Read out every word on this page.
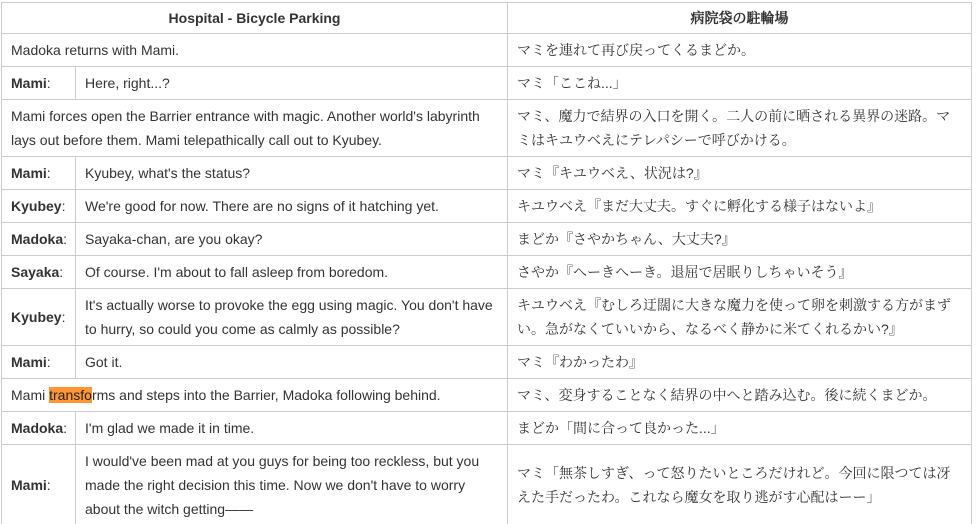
Hospital - Bicycle Parking		病院袋の駐輪場
Madoka returns with Mami.		マミを連れて再び戻ってくるまどか。
Mami:	Here, right...?	マミ「ここね...」
Mami forces open the Barrier entrance with magic. Another world's labyrinth lays out before them. Mami telepathically call out to Kyubey.		マミ、魔力で結界の入口を開く。二人の前に晒される異界の迷路。マミはキユウベえにテレパシーで呼びかける。
Mami:	Kyubey, what's the status?	マミ『キユウベえ、状況は?』
Kyubey:	We're good for now. There are no signs of it hatching yet.	キユウベえ『まだ大丈夫。すぐに孵化する様子はないよ』
Madoka:	Sayaka-chan, are you okay?	まどか『さやかちゃん、大丈夫?』
Sayaka:	Of course. I'm about to fall asleep from boredom.	さやか『へーきへーき。退屈で居眠りしちゃいそう』
Kyubey:	It's actually worse to provoke the egg using magic. You don't have to hurry, so could you come as calmly as possible?	キユウベえ『むしろ迂闊に大きな魔力を使って卵を刺激する方がまずい。急がなくていいから、なるべく静かに米てくれるかい?』
Mami:	Got it.	マミ『わかったわ』
Mami transforms and steps into the Barrier, Madoka following behind.		マミ、変身することなく結界の中へと踏み込む。後に続くまどか。
Madoka:	I'm glad we made it in time.	まどか「間に合って良かった...」
Mami:	I would've been mad at you guys for being too reckless, but you made the right decision this time. Now we don't have to worry about the witch getting——	マミ「無茶しすぎ、って怒りたいところだけれど。今回に限つては冴えた手だったわ。これなら魔女を取り逃がす心配はーー」
